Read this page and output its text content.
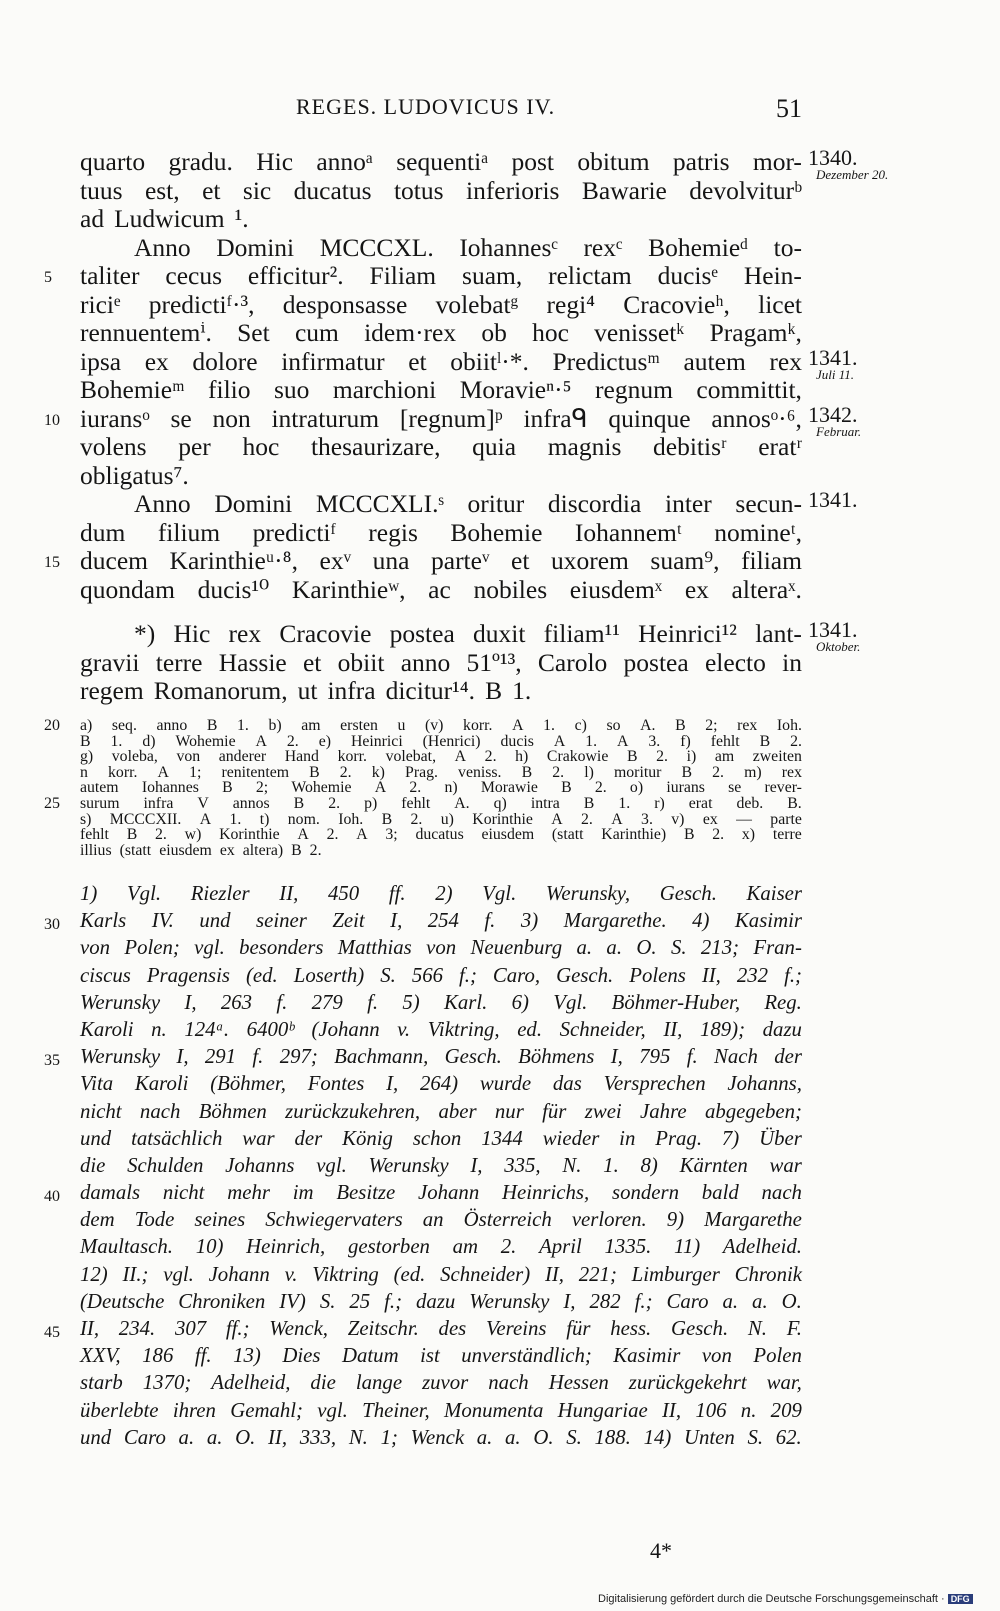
REGES. LUDOVICUS IV.	51
quarto gradu. Hic annoᵃ sequentiᵃ post obitum patris mor- 1340.
Dezember 20.
tuus est, et sic ducatus totus inferioris Bawarie devolviturᵇ
ad Ludwicum ¹.
Anno Domini MCCCXL. Iohannesᶜ rexᶜ Bohemieᵈ to-
5 taliter cecus efficitur². Filiam suam, relictam ducisᵉ Hein-
riciᵉ predictiᶠ·³, desponsasse volebatᵍ regi⁴ Cracovieʰ, licet
rennuentemⁱ. Set cum idem·rex ob hoc venissetᵏ Pragamᵏ,
ipsa ex dolore infirmatur et obiitˡ·*. Predictusᵐ autem rex 1341.
Juli 11.
Bohemieᵐ filio suo marchioni Moravieⁿ·⁵ regnum committit,
10 iuransᵒ se non intraturum [regnum]ᵖ infraᑫ quinque annosᵒ·⁶, 1342.
Februar.
volens per hoc thesaurizare, quia magnis debitisʳ eratʳ
obligatus⁷.
Anno Domini MCCCXLI.ˢ oritur discordia inter secun- 1341.
dum filium predictiᶠ regis Bohemie Iohannemᵗ nomineᵗ,
15 ducem Karinthieᵘ·⁸, exᵛ una parteᵛ et uxorem suam⁹, filiam
quondam ducis¹⁰ Karinthieʷ, ac nobiles eiusdemˣ ex alteraˣ.
*) Hic rex Cracovie postea duxit filiam¹¹ Heinrici¹² lant- 1341.
Oktober.
gravii terre Hassie et obiit anno 51º¹³, Carolo postea electo in
regem Romanorum, ut infra dicitur¹⁴. B 1.
20 a) seq. anno B 1. b) am ersten u (v) korr. A 1. c) so A. B 2; rex Ioh.
B 1. d) Wohemie A 2. e) Heinrici (Henrici) ducis A 1. A 3. f) fehlt B 2.
g) voleba, von anderer Hand korr. volebat, A 2. h) Crakowie B 2. i) am zweiten
n korr. A 1; renitentem B 2. k) Prag. veniss. B 2. l) moritur B 2. m) rex
autem Iohannes B 2; Wohemie A 2. n) Morawie B 2. o) iurans se rever-
25 surum infra V annos B 2. p) fehlt A. q) intra B 1. r) erat deb. B.
s) MCCCXII. A 1. t) nom. Ioh. B 2. u) Korinthie A 2. A 3. v) ex — parte
fehlt B 2. w) Korinthie A 2. A 3; ducatus eiusdem (statt Karinthie) B 2. x) terre
illius (statt eiusdem ex altera) B 2.
1) Vgl. Riezler II, 450 ff. 2) Vgl. Werunsky, Gesch. Kaiser
30 Karls IV. und seiner Zeit I, 254 f. 3) Margarethe. 4) Kasimir
von Polen; vgl. besonders Matthias von Neuenburg a. a. O. S. 213; Fran-
ciscus Pragensis (ed. Loserth) S. 566 f.; Caro, Gesch. Polens II, 232 f.;
Werunsky I, 263 f. 279 f. 5) Karl. 6) Vgl. Böhmer-Huber, Reg.
Karoli n. 124ᵃ. 6400ᵇ (Johann v. Viktring, ed. Schneider, II, 189); dazu
35 Werunsky I, 291 f. 297; Bachmann, Gesch. Böhmens I, 795 f. Nach der
Vita Karoli (Böhmer, Fontes I, 264) wurde das Versprechen Johanns,
nicht nach Böhmen zurückzukehren, aber nur für zwei Jahre abgegeben;
und tatsächlich war der König schon 1344 wieder in Prag. 7) Über
die Schulden Johanns vgl. Werunsky I, 335, N. 1. 8) Kärnten war
40 damals nicht mehr im Besitze Johann Heinrichs, sondern bald nach
dem Tode seines Schwiegervaters an Österreich verloren. 9) Margarethe
Maultasch. 10) Heinrich, gestorben am 2. April 1335. 11) Adelheid.
12) II.; vgl. Johann v. Viktring (ed. Schneider) II, 221; Limburger Chronik
(Deutsche Chroniken IV) S. 25 f.; dazu Werunsky I, 282 f.; Caro a. a. O.
45 II, 234. 307 ff.; Wenck, Zeitschr. des Vereins für hess. Gesch. N. F.
XXV, 186 ff. 13) Dies Datum ist unverständlich; Kasimir von Polen
starb 1370; Adelheid, die lange zuvor nach Hessen zurückgekehrt war,
überlebte ihren Gemahl; vgl. Theiner, Monumenta Hungariae II, 106 n. 209
und Caro a. a. O. II, 333, N. 1; Wenck a. a. O. S. 188. 14) Unten S. 62.
4*
Digitalisierung gefördert durch die Deutsche Forschungsgemeinschaft · DFG
